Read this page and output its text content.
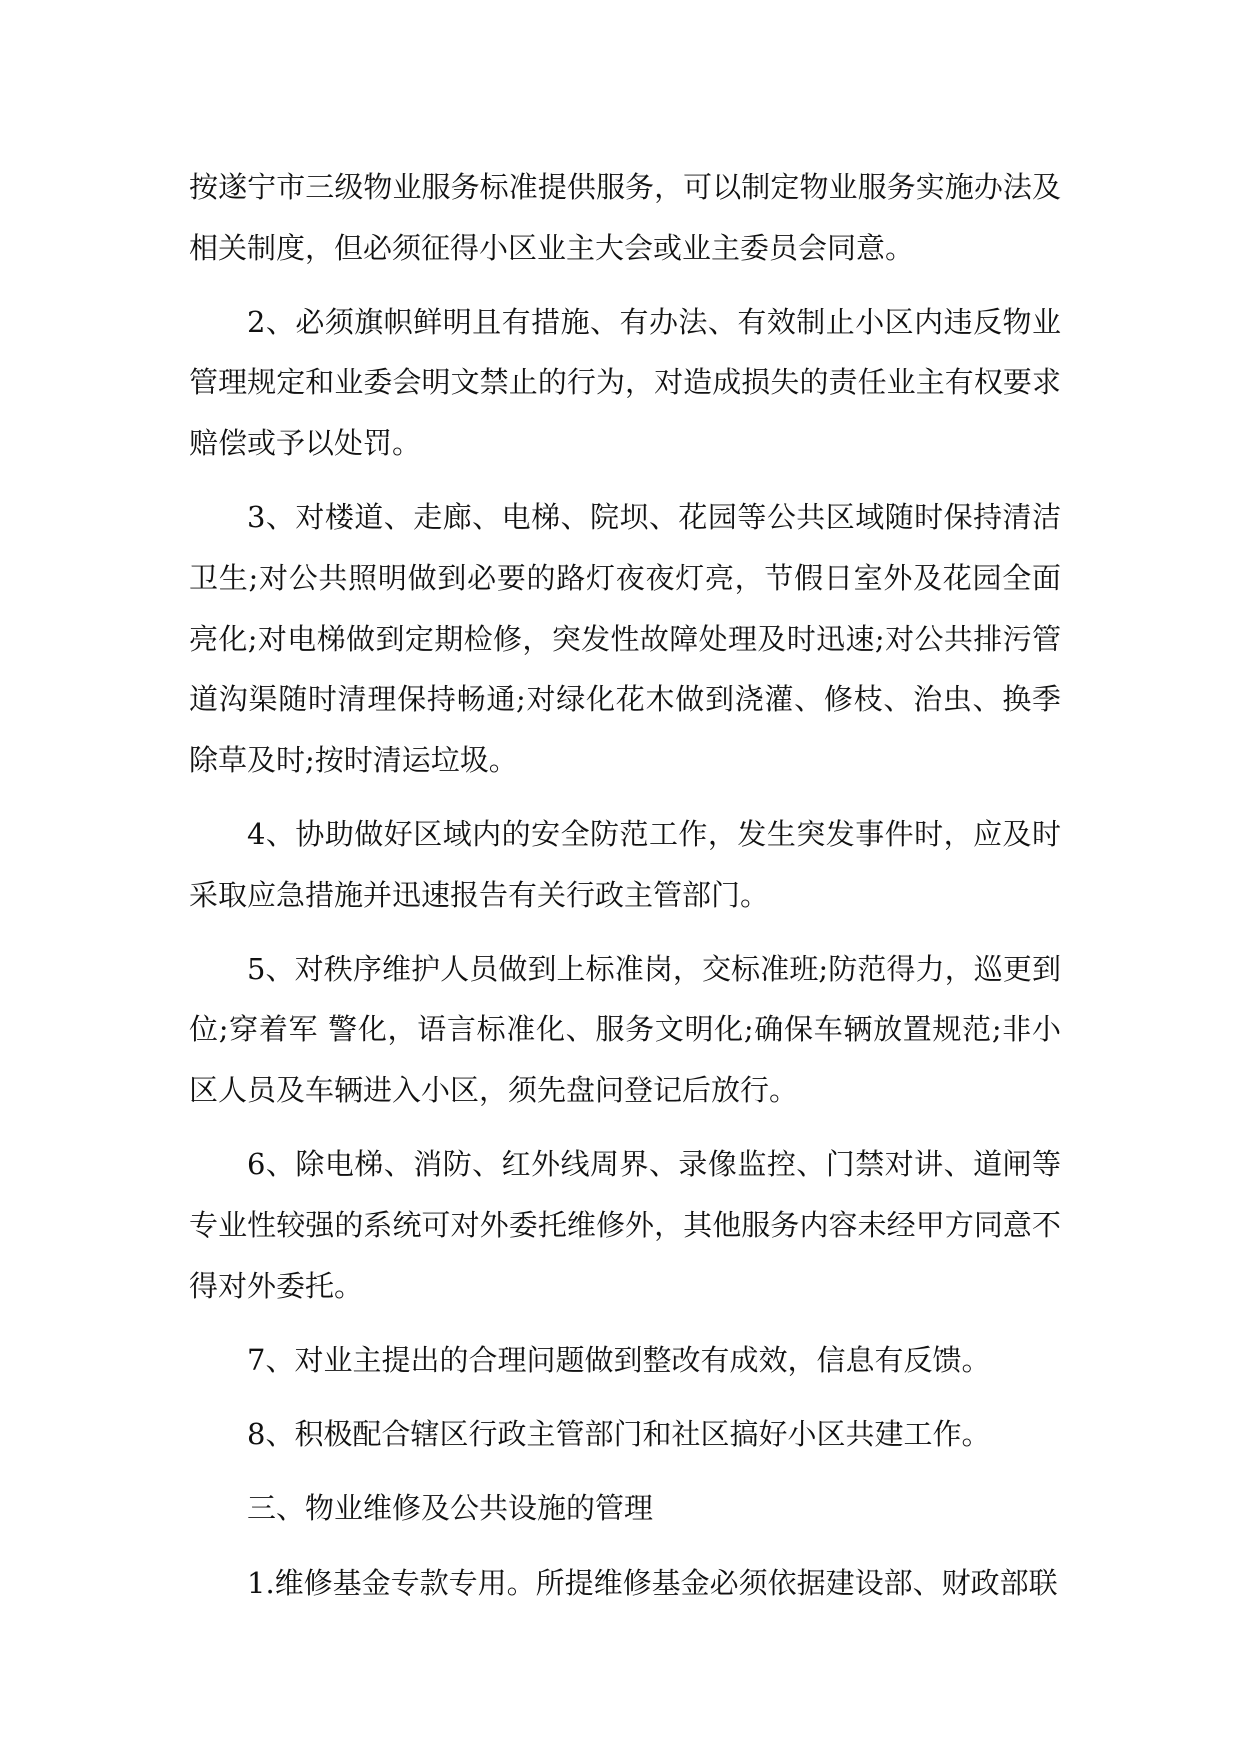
按遂宁市三级物业服务标准提供服务，可以制定物业服务实施办法及相关制度，但必须征得小区业主大会或业主委员会同意。

2、必须旗帜鲜明且有措施、有办法、有效制止小区内违反物业管理规定和业委会明文禁止的行为，对造成损失的责任业主有权要求赔偿或予以处罚。

3、对楼道、走廊、电梯、院坝、花园等公共区域随时保持清洁卫生;对公共照明做到必要的路灯夜夜灯亮，节假日室外及花园全面亮化;对电梯做到定期检修，突发性故障处理及时迅速;对公共排污管道沟渠随时清理保持畅通;对绿化花木做到浇灌、修枝、治虫、换季除草及时;按时清运垃圾。

4、协助做好区域内的安全防范工作，发生突发事件时，应及时采取应急措施并迅速报告有关行政主管部门。

5、对秩序维护人员做到上标准岗，交标准班;防范得力，巡更到位;穿着军 警化，语言标准化、服务文明化;确保车辆放置规范;非小区人员及车辆进入小区，须先盘问登记后放行。

6、除电梯、消防、红外线周界、录像监控、门禁对讲、道闸等专业性较强的系统可对外委托维修外，其他服务内容未经甲方同意不得对外委托。

7、对业主提出的合理问题做到整改有成效，信息有反馈。

8、积极配合辖区行政主管部门和社区搞好小区共建工作。

三、物业维修及公共设施的管理

1.维修基金专款专用。所提维修基金必须依据建设部、财政部联
